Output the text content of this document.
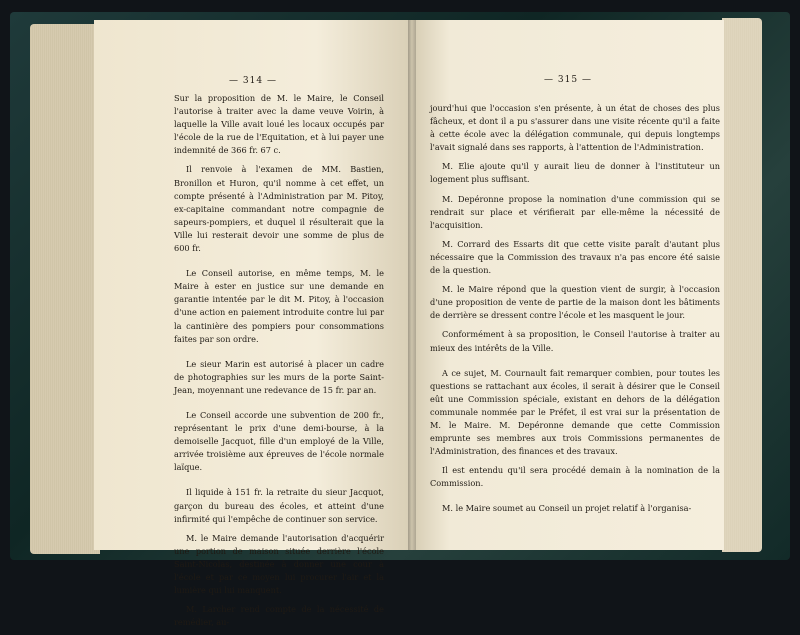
— 314 —

Sur la proposition de M. le Maire, le Conseil l'autorise à traiter avec la dame veuve Voirin, à laquelle la Ville avait loué les locaux occupés par l'école de la rue de l'Equitation, et à lui payer une indemnité de 366 fr. 67 c.

Il renvoie à l'examen de MM. Bastien, Bronillon et Huron, qu'il nomme à cet effet, un compte présenté à l'Administration par M. Pitoy, ex-capitaine commandant notre compagnie de sapeurs-pompiers, et duquel il résulterait que la Ville lui resterait devoir une somme de plus de 600 fr.

Le Conseil autorise, en même temps, M. le Maire à ester en justice sur une demande en garantie intentée par le dit M. Pitoy, à l'occasion d'une action en paiement introduite contre lui par la cantinière des pompiers pour consommations faites par son ordre.

Le sieur Marin est autorisé à placer un cadre de photographies sur les murs de la porte Saint-Jean, moyennant une redevance de 15 fr. par an.

Le Conseil accorde une subvention de 200 fr., représentant le prix d'une demi-bourse, à la demoiselle Jacquot, fille d'un employé de la Ville, arrivée troisième aux épreuves de l'école normale laïque.

Il liquide à 151 fr. la retraite du sieur Jacquot, garçon du bureau des écoles, et atteint d'une infirmité qui l'empêche de continuer son service.

M. le Maire demande l'autorisation d'acquérir une portion de maison située derrière l'école Saint-Nicolas, destinée à donner une cour à l'école et par ce moyen lui procurer l'air et la lumière qui lui manquent.

M. Larcher rend compte de la nécessité de remédier, au-

— 315 —

jourd'hui que l'occasion s'en présente, à un état de choses des plus fâcheux, et dont il a pu s'assurer dans une visite récente qu'il a faite à cette école avec la délégation communale, qui depuis longtemps l'avait signalé dans ses rapports, à l'attention de l'Administration.

M. Elie ajoute qu'il y aurait lieu de donner à l'instituteur un logement plus suffisant.

M. Depéronne propose la nomination d'une commission qui se rendrait sur place et vérifierait par elle-même la nécessité de l'acquisition.

M. Corrard des Essarts dit que cette visite paraît d'autant plus nécessaire que la Commission des travaux n'a pas encore été saisie de la question.

M. le Maire répond que la question vient de surgir, à l'occasion d'une proposition de vente de partie de la maison dont les bâtiments de derrière se dressent contre l'école et les masquent le jour.

Conformément à sa proposition, le Conseil l'autorise à traiter au mieux des intérêts de la Ville.

A ce sujet, M. Cournault fait remarquer combien, pour toutes les questions se rattachant aux écoles, il serait à désirer que le Conseil eût une Commission spéciale, existant en dehors de la délégation communale nommée par le Préfet, il est vrai sur la présentation de M. le Maire. M. Depéronne demande que cette Commission emprunte ses membres aux trois Commissions permanentes de l'Administration, des finances et des travaux.

Il est entendu qu'il sera procédé demain à la nomination de la Commission.

M. le Maire soumet au Conseil un projet relatif à l'organisa-
